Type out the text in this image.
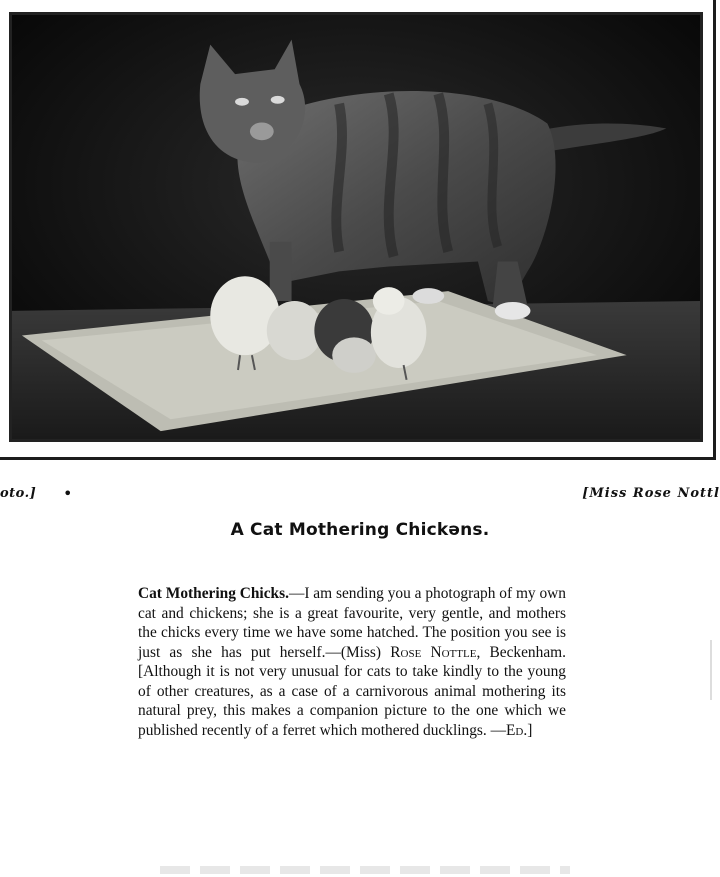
oto.] •	[Miss Rose Nottl
A Cat Mothering Chickəns.
Cat Mothering Chicks.—I am sending you a photograph of my own cat and chickens; she is a great favourite, very gentle, and mothers the chicks every time we have some hatched. The position you see is just as she has put herself.—(Miss) Rose Nottle, Beckenham. [Although it is not very unusual for cats to take kindly to the young of other creatures, as a case of a carnivorous animal mothering its natural prey, this makes a companion picture to the one which we published recently of a ferret which mothered ducklings. —Ed.]
